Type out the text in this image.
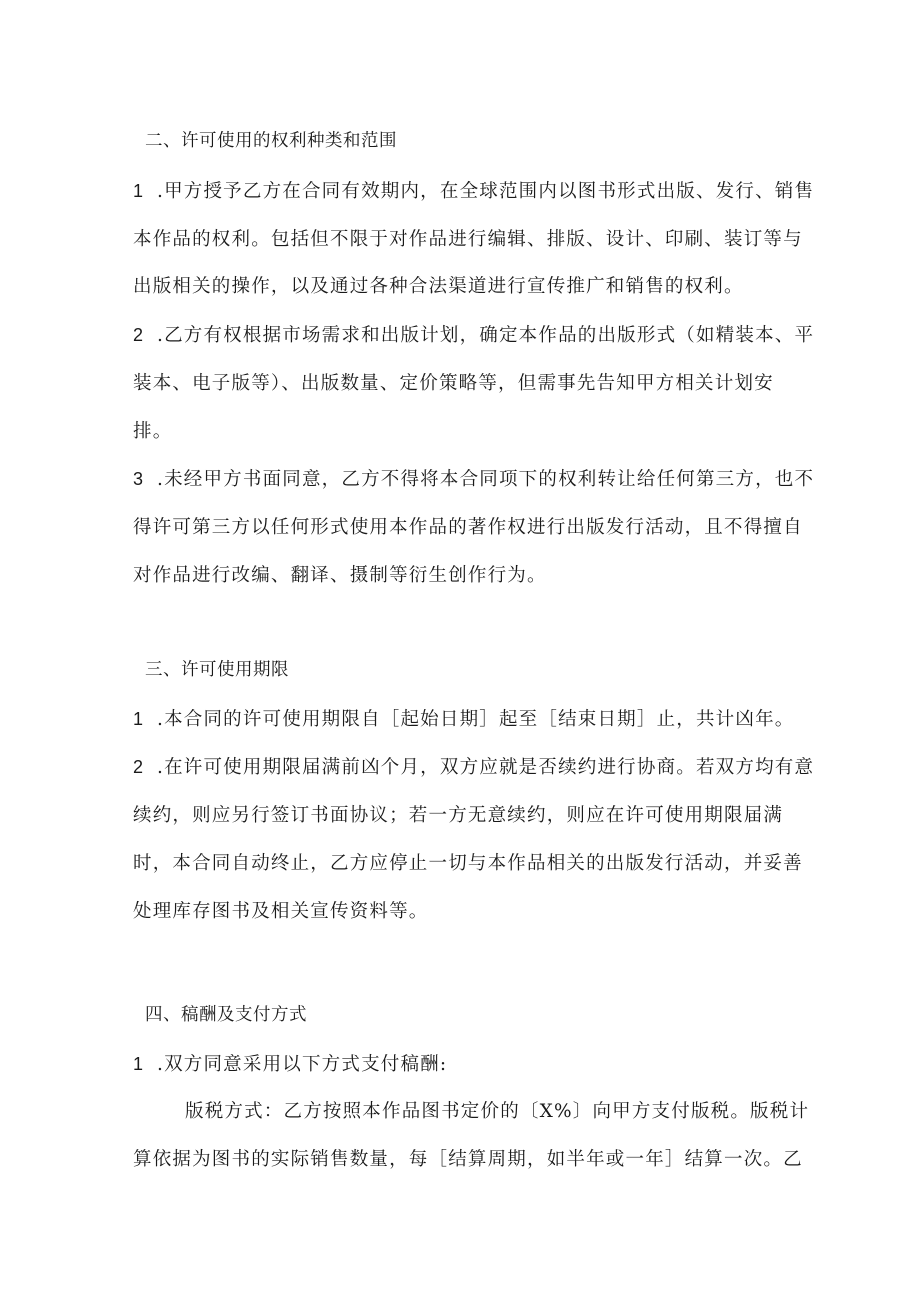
二、许可使用的权利种类和范围
1 .甲方授予乙方在合同有效期内，在全球范围内以图书形式出版、发行、销售
本作品的权利。包括但不限于对作品进行编辑、排版、设计、印刷、装订等与
出版相关的操作，以及通过各种合法渠道进行宣传推广和销售的权利。
2 .乙方有权根据市场需求和出版计划，确定本作品的出版形式（如精装本、平
装本、电子版等）、出版数量、定价策略等，但需事先告知甲方相关计划安
排。
3 .未经甲方书面同意，乙方不得将本合同项下的权利转让给任何第三方，也不
得许可第三方以任何形式使用本作品的著作权进行出版发行活动，且不得擅自
对作品进行改编、翻译、摄制等衍生创作行为。
三、许可使用期限
1 .本合同的许可使用期限自［起始日期］起至［结束日期］止，共计凶年。
2 .在许可使用期限届满前凶个月，双方应就是否续约进行协商。若双方均有意
续约，则应另行签订书面协议；若一方无意续约，则应在许可使用期限届满
时，本合同自动终止，乙方应停止一切与本作品相关的出版发行活动，并妥善
处理库存图书及相关宣传资料等。
四、稿酬及支付方式
1 .双方同意采用以下方式支付稿酬:
版税方式：乙方按照本作品图书定价的〔X%〕向甲方支付版税。版税计
算依据为图书的实际销售数量，每［结算周期，如半年或一年］结算一次。乙
